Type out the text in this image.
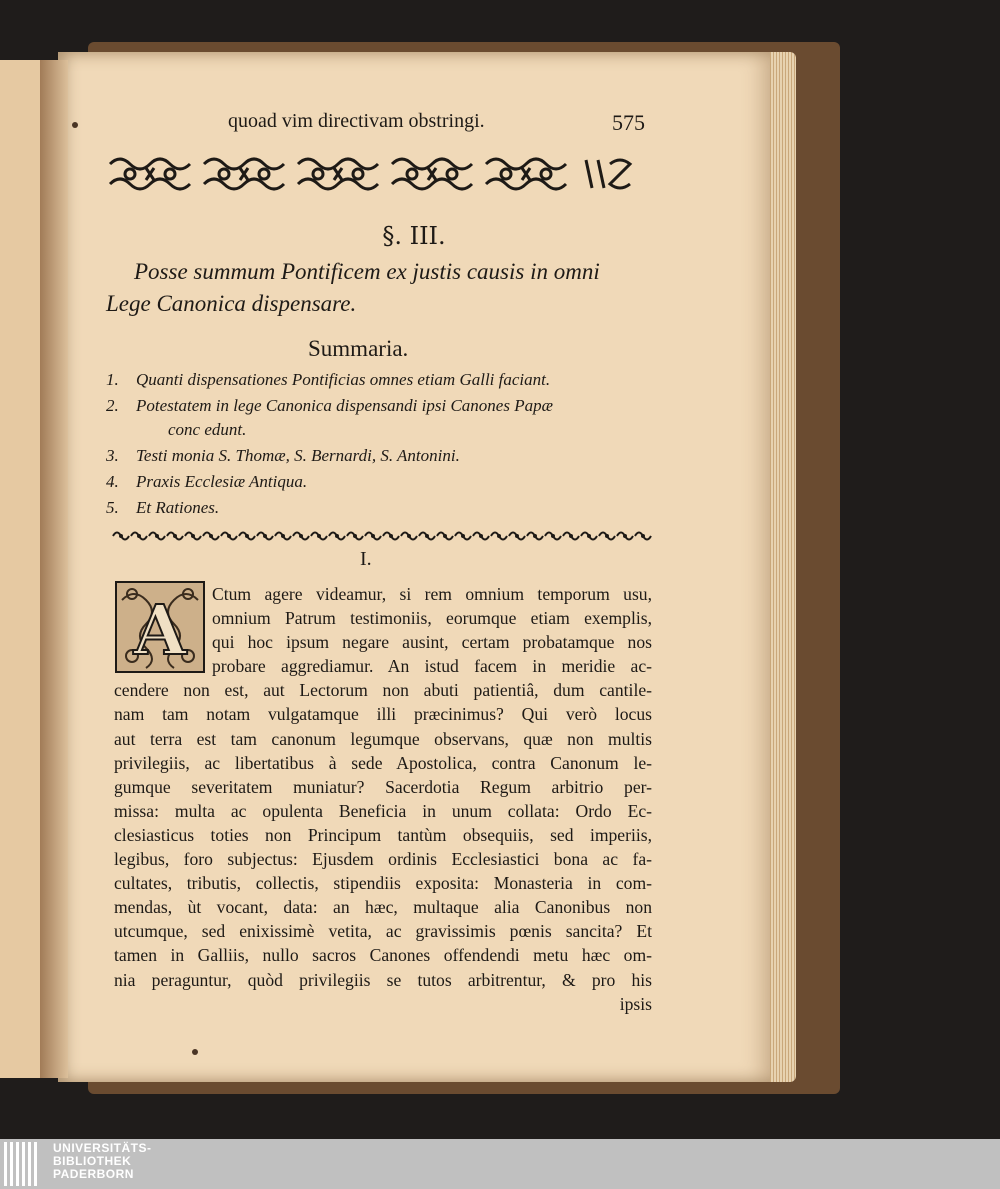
quoad vim directivam obstringi.	575
§. III.
Posse summum Pontificem ex justis causis in omni
Lege Canonica dispensare.
Summaria.
1.	Quanti dispensationes Pontificias omnes etiam Galli faciant.
2.	Potestatem in lege Canonica dispensandi ipsi Canones Papæ
conc edunt.
3.	Testi monia S. Thomæ, S. Bernardi, S. Antonini.
4.	Praxis Ecclesiæ Antiqua.
5.	Et Rationes.
I.
A	Ctum agere videamur, si rem omnium temporum usu,
omnium Patrum testimoniis, eorumque etiam exemplis,
qui hoc ipsum negare ausint, certam probatamque nos
probare aggrediamur. An istud facem in meridie ac-
cendere non est, aut Lectorum non abuti patientiâ, dum cantile-
nam tam notam vulgatamque illi præcinimus? Qui verò locus
aut terra est tam canonum legumque observans, quæ non multis
privilegiis, ac libertatibus à sede Apostolica, contra Canonum le-
gumque severitatem muniatur? Sacerdotia Regum arbitrio per-
missa: multa ac opulenta Beneficia in unum collata: Ordo Ec-
clesiasticus toties non Principum tantùm obsequiis, sed imperiis,
legibus, foro subjectus: Ejusdem ordinis Ecclesiastici bona ac fa-
cultates, tributis, collectis, stipendiis exposita: Monasteria in com-
mendas, ùt vocant, data: an hæc, multaque alia Canonibus non
utcumque, sed enixissimè vetita, ac gravissimis pœnis sancita? Et
tamen in Galliis, nullo sacros Canones offendendi metu hæc om-
nia peraguntur, quòd privilegiis se tutos arbitrentur, & pro his
ipsis
UNIVERSITÄTS-
BIBLIOTHEK
PADERBORN
